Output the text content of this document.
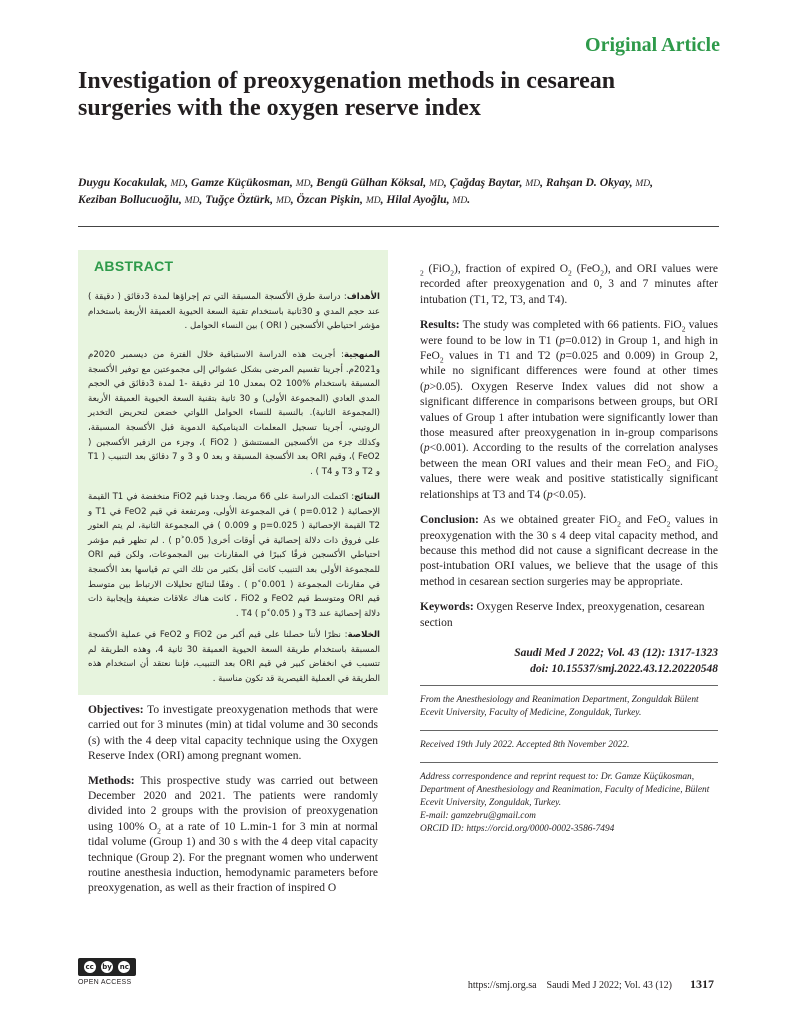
Original Article
Investigation of preoxygenation methods in cesarean surgeries with the oxygen reserve index

Duygu Kocakulak, MD, Gamze Küçükosman, MD, Bengü Gülhan Köksal, MD, Çağdaş Baytar, MD, Rahşan D. Okyay, MD,
Keziban Bollucuoğlu, MD, Tuğçe Öztürk, MD, Özcan Pişkin, MD, Hilal Ayoğlu, MD.

ABSTRACT

الأهداف: دراسة طرق الأكسجة المسبقة التي تم إجراؤها لمدة 3دقائق ( دقيقة ) عند حجم المدي و 30ثانية باستخدام تقنية السعة الحيوية العميقة الأربعة باستخدام مؤشر احتياطي الأكسجين ( ORI ) بين النساء الحوامل .

المنهجية: أجريت هذه الدراسة الاستباقية خلال الفترة من ديسمبر 2020م و2021م. أجرينا تقسيم المرضى بشكل عشوائي إلى مجموعتين مع توفير الأكسجة المسبقة باستخدام O2 100% بمعدل 10 لتر دقيقة -1 لمدة 3دقائق في الحجم المدي العادي (المجموعة الأولى) و 30 ثانية بتقنية السعة الحيوية العميقة الأربعة (المجموعة الثانية). بالنسبة للنساء الحوامل اللواتي خضعن لتحريض التخدير الروتيني، أجرينا تسجيل المعلمات الديناميكية الدموية قبل الأكسجة المسبقة، وكذلك جزء من الأكسجين المستنشق ( FiO2 )، وجزء من الزفير الأكسجين ( FeO2 )، وقيم ORI بعد الأكسجة المسبقة و بعد 0 و 3 و 7 دقائق بعد التنبيب ( T1 و T2 و T3 و T4 ) .

النتائج: اكتملت الدراسة على 66 مريضا. وجدنا قيم FiO2 منخفضة في T1 القيمة الإحصائية ( p=0.012 ) في المجموعة الأولى، ومرتفعة في قيم FeO2 في T1 و T2 القيمة الإحصائية ( p=0.025 و 0.009 ) في المجموعة الثانية، لم يتم العثور على فروق ذات دلالة إحصائية في أوقات أخرى( p˃0.05 ) . لم تظهر قيم مؤشر احتياطي الأكسجين فرقًا كبيرًا في المقارنات بين المجموعات، ولكن قيم ORI للمجموعة الأولى بعد التنبيب كانت أقل بكثير من تلك التي تم قياسها بعد الأكسجة في مقارنات المجموعة ( p˂0.001 ) . وفقًا لنتائج تحليلات الارتباط بين متوسط قيم ORI ومتوسط قيم FeO2 و FiO2 ، كانت هناك علاقات ضعيفة وإيجابية ذات دلالة إحصائية عند T3 و T4 ( p˂0.05 ) .

الخلاصة: نظرًا لأننا حصلنا على قيم أكبر من FiO2 و FeO2 في عملية الأكسجة المسبقة باستخدام طريقة السعة الحيوية العميقة 30 ثانية 4، وهذه الطريقة لم تتسبب في انخفاض كبير في قيم ORI بعد التنبيب، فإننا نعتقد أن استخدام هذه الطريقة في العملية القيصرية قد تكون مناسبة .

Objectives: To investigate preoxygenation methods that were carried out for 3 minutes (min) at tidal volume and 30 seconds (s) with the 4 deep vital capacity technique using the Oxygen Reserve Index (ORI) among pregnant women.

Methods: This prospective study was carried out between December 2020 and 2021. The patients were randomly divided into 2 groups with the provision of preoxygenation using 100% $O_2$ at a rate of 10 L.min-1 for 3 min at normal tidal volume (Group 1) and 30 s with the 4 deep vital capacity technique (Group 2). For the pregnant women who underwent routine anesthesia induction, hemodynamic parameters before preoxygenation, as well as their fraction of inspired O

$_2$ (FiO$_2$), fraction of expired $O_2$ (FeO$_2$), and ORI values were recorded after preoxygenation and 0, 3 and 7 minutes after intubation (T1, T2, T3, and T4).

Results: The study was completed with 66 patients. FiO$_2$ values were found to be low in T1 (p=0.012) in Group 1, and high in FeO$_2$ values in T1 and T2 (p=0.025 and 0.009) in Group 2, while no significant differences were found at other times (p>0.05). Oxygen Reserve Index values did not show a significant difference in comparisons between groups, but ORI values of Group 1 after intubation were significantly lower than those measured after preoxygenation in in-group comparisons (p<0.001). According to the results of the correlation analyses between the mean ORI values and their mean FeO$_2$ and FiO$_2$ values, there were weak and positive statistically significant relationships at T3 and T4 (p<0.05).

Conclusion: As we obtained greater FiO$_2$ and FeO$_2$ values in preoxygenation with the 30 s 4 deep vital capacity method, and because this method did not cause a significant decrease in the post-intubation ORI values, we believe that the usage of this method in cesarean section surgeries may be appropriate.

Keywords: Oxygen Reserve Index, preoxygenation, cesarean section

Saudi Med J 2022; Vol. 43 (12): 1317-1323
doi: 10.15537/smj.2022.43.12.20220548

From the Anesthesiology and Reanimation Department, Zonguldak Bülent Ecevit University, Faculty of Medicine, Zonguldak, Turkey.

Received 19th July 2022. Accepted 8th November 2022.

Address correspondence and reprint request to: Dr. Gamze Küçükosman, Department of Anesthesiology and Reanimation, Faculty of Medicine, Bülent Ecevit University, Zonguldak, Turkey.

E-mail: gamzebru@gmail.com

ORCID ID: https://orcid.org/0000-0002-3586-7494

cc by nc
OPEN ACCESS	https://smj.org.sa Saudi Med J 2022; Vol. 43 (12) 1317
